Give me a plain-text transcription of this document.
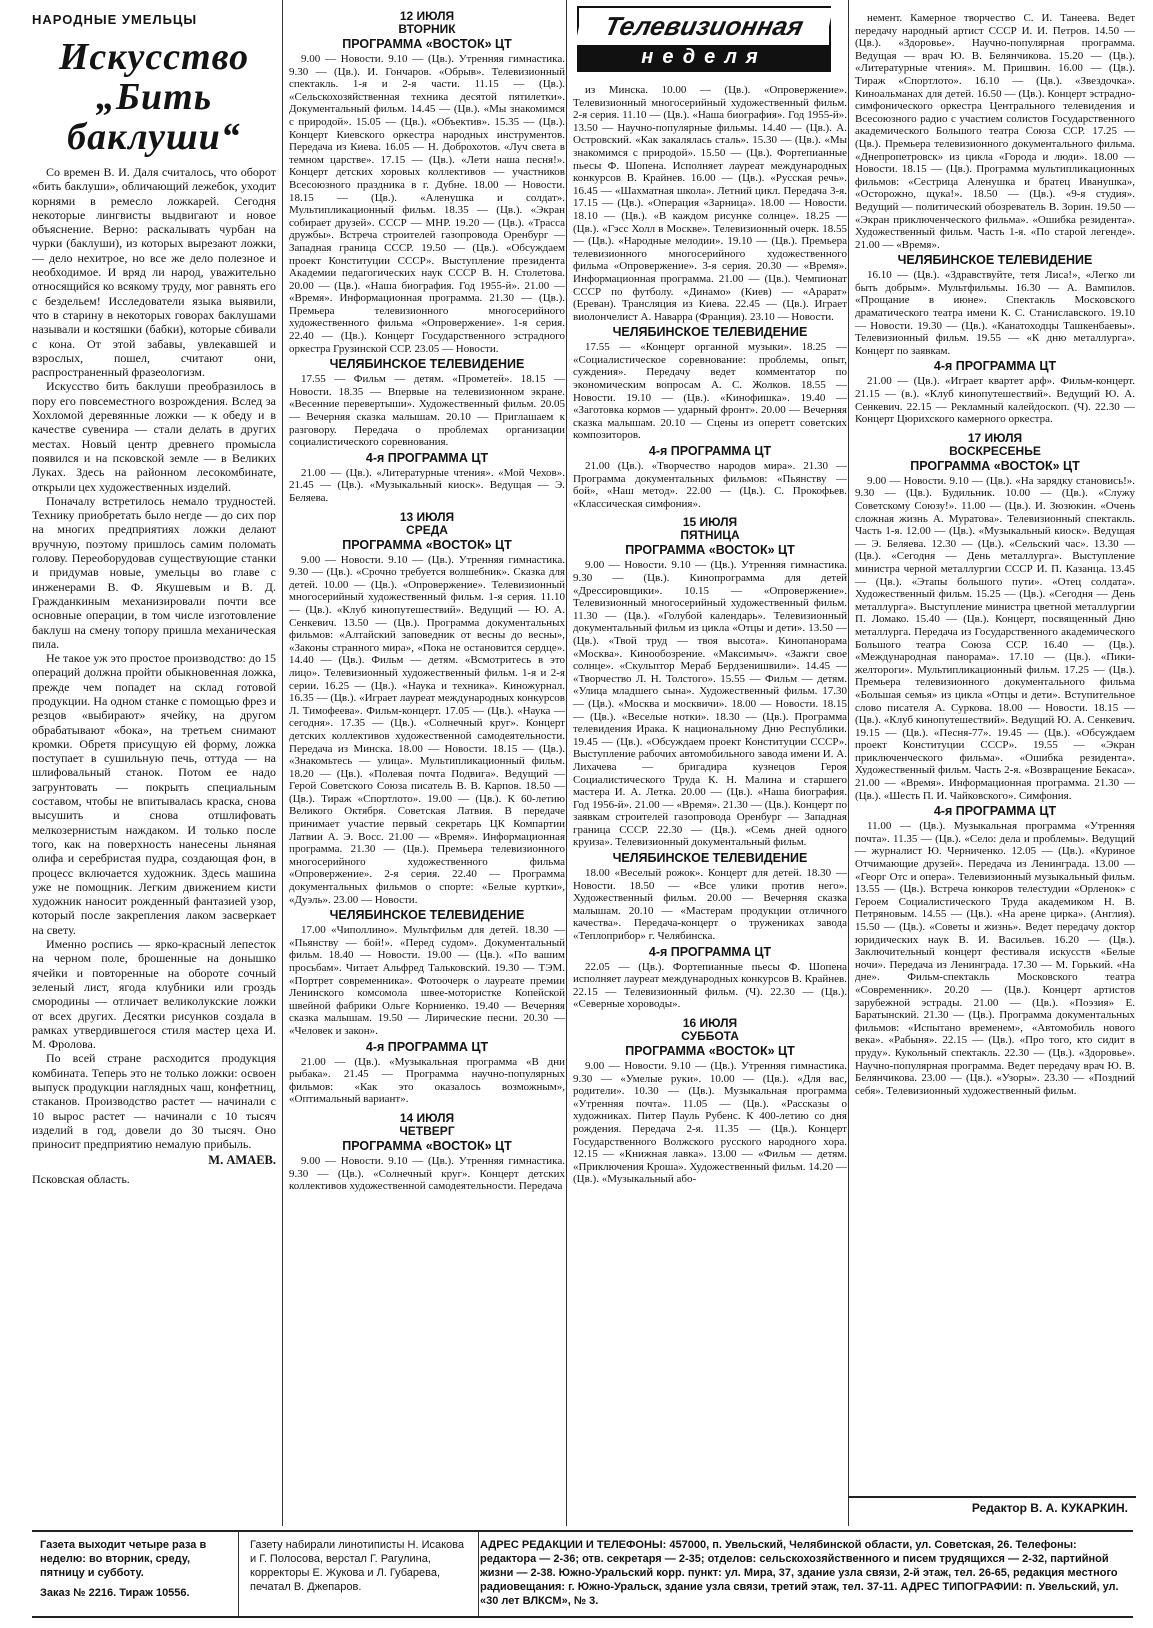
НАРОДНЫЕ УМЕЛЬЦЫ
Искусство
„Бить
баклуши“

Со времен В. И. Даля считалось, что оборот «бить баклуши», обличающий лежебок, уходит корнями в ремесло ложкарей. Сегодня некоторые лингвисты выдвигают и новое объяснение. Верно: раскалывать чурбан на чурки (баклуши), из которых вырезают ложки,— дело нехитрое, но все же дело полезное и необходимое. И вряд ли народ, уважительно относящийся ко всякому труду, мог равнять его с бездельем! Исследователи языка выявили, что в старину в некоторых говорах баклушами называли и костяшки (бабки), которые сбивали с кона. От этой забавы, увлекавшей и взрослых, пошел, считают они, распространенный фразеологизм.

Искусство бить баклуши преобразилось в пору его повсеместного возрождения. Вслед за Хохломой деревянные ложки — к обеду и в качестве сувенира — стали делать в других местах. Новый центр древнего промысла появился и на псковской земле — в Великих Луках. Здесь на районном лесокомбинате, открыли цех художественных изделий.

Поначалу встретилось немало трудностей. Технику приобретать было негде — до сих пор на многих предприятиях ложки делают вручную, поэтому пришлось самим поломать голову. Переоборудовав существующие станки и придумав новые, умельцы во главе с инженерами В. Ф. Якушевым и В. Д. Гражданкиным механизировали почти все основные операции, в том числе изготовление баклуш на смену топору пришла механическая пила.

Не такое уж это простое производство: до 15 операций должна пройти обыкновенная ложка, прежде чем попадет на склад готовой продукции. На одном станке с помощью фрез и резцов «выбирают» ячейку, на другом обрабатывают «бока», на третьем снимают кромки. Обретя присущую ей форму, ложка поступает в сушильную печь, оттуда — на шлифовальный станок. Потом ее надо загрунтовать — покрыть специальным составом, чтобы не впитывалась краска, снова высушить и снова отшлифовать мелкозернистым наждаком. И только после того, как на поверхность нанесены льняная олифа и серебристая пудра, создающая фон, в процесс включается художник. Здесь машина уже не помощник. Легким движением кисти художник наносит рожденный фантазией узор, который после закрепления лаком засверкает на свету.

Именно роспись — ярко-красный лепесток на черном поле, брошенные на донышко ячейки и повторенные на обороте сочный зеленый лист, ягода клубники или гроздь смородины — отличает великолукские ложки от всех других. Десятки рисунков создала в рамках утвердившегося стиля мастер цеха И. М. Фролова.

По всей стране расходится продукция комбината. Теперь это не только ложки: освоен выпуск продукции наглядных чаш, конфетниц, стаканов. Производство растет — начинали с 10 вырос растет — начинали с 10 тысяч изделий в год, довели до 30 тысяч. Оно приносит предприятию немалую прибыль.

М. АМАЕВ.
Псковская область.
12 ИЮЛЯ
ВТОРНИК
ПРОГРАММА «ВОСТОК» ЦТ

9.00 — Новости. 9.10 — (Цв.). Утренняя гимнастика. 9.30 — (Цв.). И. Гончаров. «Обрыв». Телевизионный спектакль. 1-я и 2-я части. 11.15 — (Цв.). «Сельскохозяйственная техника десятой пятилетки». Документальный фильм. 14.45 — (Цв.). «Мы знакомимся с природой». 15.05 — (Цв.). «Объектив». 15.35 — (Цв.). Концерт Киевского оркестра народных инструментов. Передача из Киева. 16.05 — Н. Доброхотов. «Луч света в темном царстве». 17.15 — (Цв.). «Лети наша песня!». Концерт детских хоровых коллективов — участников Всесоюзного праздника в г. Дубне. 18.00 — Новости. 18.15 — (Цв.). «Аленушка и солдат». Мультипликационный фильм. 18.35 — (Цв.). «Экран собирает друзей». СССР — МНР. 19.20 — (Цв.). «Трасса дружбы». Встреча строителей газопровода Оренбург — Западная граница СССР. 19.50 — (Цв.). «Обсуждаем проект Конституции СССР». Выступление президента Академии педагогических наук СССР В. Н. Столетова. 20.00 — (Цв.). «Наша биография. Год 1955-й». 21.00 — «Время». Информационная программа. 21.30 — (Цв.). Премьера телевизионного многосерийного художественного фильма «Опровержение». 1-я серия. 22.40 — (Цв.). Концерт Государственного эстрадного оркестра Грузинской ССР. 23.05 — Новости.

ЧЕЛЯБИНСКОЕ ТЕЛЕВИДЕНИЕ

17.55 — Фильм — детям. «Прометей». 18.15 — Новости. 18.35 — Впервые на телевизионном экране. «Весенние перевертыши». Художественный фильм. 20.05 — Вечерняя сказка малышам. 20.10 — Приглашаем к разговору. Передача о проблемах организации социалистического соревнования.

4-я ПРОГРАММА ЦТ

21.00 — (Цв.). «Литературные чтения». «Мой Чехов». 21.45 — (Цв.). «Музыкальный киоск». Ведущая — Э. Беляева.

13 ИЮЛЯ
СРЕДА
ПРОГРАММА «ВОСТОК» ЦТ

9.00 — Новости. 9.10 — (Цв.). Утренняя гимнастика. 9.30 — (Цв.). «Срочно требуется волшебник». Сказка для детей. 10.00 — (Цв.). «Опровержение». Телевизионный многосерийный художественный фильм. 1-я серия. 11.10 — (Цв.). «Клуб кинопутешествий». Ведущий — Ю. А. Сенкевич. 13.50 — (Цв.). Программа документальных фильмов: «Алтайский заповедник от весны до весны», «Законы странного мира», «Пока не остановится сердце». 14.40 — (Цв.). Фильм — детям. «Всмотритесь в это лицо». Телевизионный художественный фильм. 1-я и 2-я серии. 16.25 — (Цв.). «Наука и техника». Киножурнал. 16.35 — (Цв.). «Играет лауреат международных конкурсов Л. Тимофеева». Фильм-концерт. 17.05 — (Цв.). «Наука — сегодня». 17.35 — (Цв.). «Солнечный круг». Концерт детских коллективов художественной самодеятельности. Передача из Минска. 18.00 — Новости. 18.15 — (Цв.). «Знакомьтесь — улица». Мультипликационный фильм. 18.20 — (Цв.). «Полевая почта Подвига». Ведущий — Герой Советского Союза писатель В. В. Карпов. 18.50 — (Цв.). Тираж «Спортлото». 19.00 — (Цв.). К 60-летию Великого Октября. Советская Латвия. В передаче принимает участие первый секретарь ЦК Компартии Латвии А. Э. Восс. 21.00 — «Время». Информационная программа. 21.30 — (Цв.). Премьера телевизионного многосерийного художественного фильма «Опровержение». 2-я серия. 22.40 — Программа документальных фильмов о спорте: «Белые куртки», «Дуэль». 23.00 — Новости.

ЧЕЛЯБИНСКОЕ ТЕЛЕВИДЕНИЕ

17.00 «Чиполлино». Мультфильм для детей. 18.30 — «Пьянству — бой!». «Перед судом». Документальный фильм. 18.40 — Новости. 19.00 — (Цв.). «По вашим просьбам». Читает Альфред Тальковский. 19.30 — ТЭМ. «Портрет современника». Фотоочерк о лауреате премии Ленинского комсомола швее-мотористке Копейской швейной фабрики Ольге Корниенко. 19.40 — Вечерняя сказка малышам. 19.50 — Лирические песни. 20.30 — «Человек и закон».

4-я ПРОГРАММА ЦТ

21.00 — (Цв.). «Музыкальная программа «В дни рыбака». 21.45 — Программа научно-популярных фильмов: «Как это оказалось возможным», «Оптимальный вариант».

14 ИЮЛЯ
ЧЕТВЕРГ
ПРОГРАММА «ВОСТОК» ЦТ

9.00 — Новости. 9.10 — (Цв.). Утренняя гимнастика. 9.30 — (Цв.). «Солнечный круг». Концерт детских коллективов художественной самодеятельности. Передача

Телевизионная
неделя

из Минска. 10.00 — (Цв.). «Опровержение». Телевизионный многосерийный художественный фильм. 2-я серия. 11.10 — (Цв.). «Наша биография». Год 1955-й». 13.50 — Научно-популярные фильмы. 14.40 — (Цв.). А. Островский. «Как закалялась сталь». 15.30 — (Цв.). «Мы знакомимся с природой». 15.50 — (Цв.). Фортепианные пьесы Ф. Шопена. Исполняет лауреат международных конкурсов В. Крайнев. 16.00 — (Цв.). «Русская речь». 16.45 — «Шахматная школа». Летний цикл. Передача 3-я. 17.15 — (Цв.). «Операция «Зарница». 18.00 — Новости. 18.10 — (Цв.). «В каждом рисунке солнце». 18.25 — (Цв.). «Гэсс Холл в Москве». Телевизионный очерк. 18.55 — (Цв.). «Народные мелодии». 19.10 — (Цв.). Премьера телевизионного многосерийного художественного фильма «Опровержение». 3-я серия. 20.30 — «Время». Информационная программа. 21.00 — (Цв.). Чемпионат СССР по футболу. «Динамо» (Киев) — «Арарат» (Ереван). Трансляция из Киева. 22.45 — (Цв.). Играет виолончелист А. Наварра (Франция). 23.10 — Новости.

ЧЕЛЯБИНСКОЕ ТЕЛЕВИДЕНИЕ

17.55 — «Концерт органной музыки». 18.25 — «Социалистическое соревнование: проблемы, опыт, суждения». Передачу ведет комментатор по экономическим вопросам А. С. Жолков. 18.55 — Новости. 19.10 — (Цв.). «Кинофишка». 19.40 — «Заготовка кормов — ударный фронт». 20.00 — Вечерняя сказка малышам. 20.10 — Сцены из оперетт советских композиторов.

4-я ПРОГРАММА ЦТ

21.00 (Цв.). «Творчество народов мира». 21.30 — Программа документальных фильмов: «Пьянству — бой», «Наш метод». 22.00 — (Цв.). С. Прокофьев. «Классическая симфония».

15 ИЮЛЯ
ПЯТНИЦА
ПРОГРАММА «ВОСТОК» ЦТ

9.00 — Новости. 9.10 — (Цв.). Утренняя гимнастика. 9.30 — (Цв.). Кинопрограмма для детей «Дрессировщики». 10.15 — «Опровержение». Телевизионный многосерийный художественный фильм. 11.30 — (Цв.). «Голубой календарь». Телевизионный документальный фильм из цикла «Отцы и дети». 13.50 — (Цв.). «Твой труд — твоя высота». Кинопанорама «Москва». Кинообозрение. «Максимыч». «Зажги свое солнце». «Скульптор Мераб Бердзенишвили». 14.45 — «Творчество Л. Н. Толстого». 15.55 — Фильм — детям. «Улица младшего сына». Художественный фильм. 17.30 — (Цв.). «Москва и москвичи». 18.00 — Новости. 18.15 — (Цв.). «Веселые нотки». 18.30 — (Цв.). Программа телевидения Ирака. К национальному Дню Республики. 19.45 — (Цв.). «Обсуждаем проект Конституции СССР». Выступление рабочих автомобильного завода имени И. А. Лихачева — бригадира кузнецов Героя Социалистического Труда К. Н. Малина и старшего мастера И. А. Летка. 20.00 — (Цв.). «Наша биография. Год 1956-й». 21.00 — «Время». 21.30 — (Цв.). Концерт по заявкам строителей газопровода Оренбург — Западная граница СССР. 22.30 — (Цв.). «Семь дней одного круиза». Телевизионный документальный фильм.

ЧЕЛЯБИНСКОЕ ТЕЛЕВИДЕНИЕ

18.00 «Веселый рожок». Концерт для детей. 18.30 — Новости. 18.50 — «Все улики против него». Художественный фильм. 20.00 — Вечерняя сказка малышам. 20.10 — «Мастерам продукции отличного качества». Передача-концерт о тружениках завода «Теплоприбор» г. Челябинска.

4-я ПРОГРАММА ЦТ

22.05 — (Цв.). Фортепианные пьесы Ф. Шопена исполняет лауреат международных конкурсов В. Крайнев. 22.15 — Телевизионный фильм. (Ч). 22.30 — (Цв.). «Северные хороводы».

16 ИЮЛЯ
СУББОТА
ПРОГРАММА «ВОСТОК» ЦТ

9.00 — Новости. 9.10 — (Цв.). Утренняя гимнастика. 9.30 — «Умелые руки». 10.00 — (Цв.). «Для вас, родители». 10.30 — (Цв.). Музыкальная программа «Утренняя почта». 11.05 — (Цв.). «Рассказы о художниках. Питер Пауль Рубенс. К 400-летию со дня рождения. Передача 2-я. 11.35 — (Цв.). Концерт Государственного Волжского русского народного хора. 12.15 — «Книжная лавка». 13.00 — «Фильм — детям. «Приключения Кроша». Художественный фильм. 14.20 — (Цв.). «Музыкальный або-

немент. Камерное творчество С. И. Танеева. Ведет передачу народный артист СССР И. И. Петров. 14.50 — (Цв.). «Здоровье». Научно-популярная программа. Ведущая — врач Ю. В. Белянчикова. 15.20 — (Цв.). «Литературные чтения». М. Пришвин. 16.00 — (Цв.). Тираж «Спортлото». 16.10 — (Цв.). «Звездочка». Киноальманах для детей. 16.50 — (Цв.). Концерт эстрадно-симфонического оркестра Центрального телевидения и Всесоюзного радио с участием солистов Государственного академического Большого театра Союза ССР. 17.25 — (Цв.). Премьера телевизионного документального фильма. «Днепропетровск» из цикла «Города и люди». 18.00 — Новости. 18.15 — (Цв.). Программа мультипликационных фильмов: «Сестрица Аленушка и братец Иванушка», «Осторожно, щука!». 18.50 — (Цв.). «9-я студия». Ведущий — политический обозреватель В. Зорин. 19.50 — «Экран приключенческого фильма». «Ошибка резидента». Художественный фильм. Часть 1-я. «По старой легенде». 21.00 — «Время».

ЧЕЛЯБИНСКОЕ ТЕЛЕВИДЕНИЕ

16.10 — (Цв.). «Здравствуйте, тетя Лиса!», «Легко ли быть добрым». Мультфильмы. 16.30 — А. Вампилов. «Прощание в июне». Спектакль Московского драматического театра имени К. С. Станиславского. 19.10 — Новости. 19.30 — (Цв.). «Канатоходцы Ташкенбаевы». Телевизионный фильм. 19.55 — «К дню металлурга». Концерт по заявкам.

4-я ПРОГРАММА ЦТ

21.00 — (Цв.). «Играет квартет арф». Фильм-концерт. 21.15 — (в.). «Клуб кинопутешествий». Ведущий Ю. А. Сенкевич. 22.15 — Рекламный калейдоскоп. (Ч). 22.30 — Концерт Цюрихского камерного оркестра.

17 ИЮЛЯ
ВОСКРЕСЕНЬЕ
ПРОГРАММА «ВОСТОК» ЦТ

9.00 — Новости. 9.10 — (Цв.). «На зарядку становись!». 9.30 — (Цв.). Будильник. 10.00 — (Цв.). «Служу Советскому Союзу!». 11.00 — (Цв.). И. Зюзюкин. «Очень сложная жизнь А. Муратова». Телевизионный спектакль. Часть 1-я. 12.00 — (Цв.). «Музыкальный киоск». Ведущая — Э. Беляева. 12.30 — (Цв.). «Сельский час». 13.30 — (Цв.). «Сегодня — День металлурга». Выступление министра черной металлургии СССР И. П. Казанца. 13.45 — (Цв.). «Этапы большого пути». «Отец солдата». Художественный фильм. 15.25 — (Цв.). «Сегодня — День металлурга». Выступление министра цветной металлургии П. Ломако. 15.40 — (Цв.). Концерт, посвященный Дню металлурга. Передача из Государственного академического Большого театра Союза ССР. 16.40 — (Цв.). «Международная панорама». 17.10 — (Цв.). «Пики-желтороги». Мультипликационный фильм. 17.25 — (Цв.). Премьера телевизионного документального фильма «Большая семья» из цикла «Отцы и дети». Вступительное слово писателя А. Суркова. 18.00 — Новости. 18.15 — (Цв.). «Клуб кинопутешествий». Ведущий Ю. А. Сенкевич. 19.15 — (Цв.). «Песня-77». 19.45 — (Цв.). «Обсуждаем проект Конституции СССР». 19.55 — «Экран приключенческого фильма». «Ошибка резидента». Художественный фильм. Часть 2-я. «Возвращение Бекаса». 21.00 — «Время». Информационная программа. 21.30 — (Цв.). «Шесть П. И. Чайковского». Симфония.

4-я ПРОГРАММА ЦТ

11.00 — (Цв.). Музыкальная программа «Утренняя почта». 11.35 — (Цв.). «Село: дела и проблемы». Ведущий — журналист Ю. Черниченко. 12.05 — (Цв.). «Куриное Отчимающие друзей». Передача из Ленинграда. 13.00 — «Георг Отс и опера». Телевизионный музыкальный фильм. 13.55 — (Цв.). Встреча юнкоров телестудии «Орленок» с Героем Социалистического Труда академиком Н. В. Петряновым. 14.55 — (Цв.). «На арене цирка». (Англия). 15.50 — (Цв.). «Советы и жизнь». Ведет передачу доктор юридических наук В. И. Васильев. 16.20 — (Цв.). Заключительный концерт фестиваля искусств «Белые ночи». Передача из Ленинграда. 17.30 — М. Горький. «На дне». Фильм-спектакль Московского театра «Современник». 20.20 — (Цв.). Концерт артистов зарубежной эстрады. 21.00 — (Цв.). «Поэзия» Е. Баратынский. 21.30 — (Цв.). Программа документальных фильмов: «Испытано временем», «Автомобиль нового века». «Рабыня». 22.15 — (Цв.). «Про того, кто сидит в пруду». Кукольный спектакль. 22.30 — (Цв.). «Здоровье». Научно-популярная программа. Ведет передачу врач Ю. В. Белянчикова. 23.00 — (Цв.). «Узоры». 23.30 — «Поздний себя». Телевизионный художественный фильм.

Редактор В. А. КУКАРКИН.
Газета выходит четыре раза в неделю: во вторник, среду, пятницу и субботу.
Заказ № 2216. Тираж 10556.
Газету набирали линотиписты Н. Исакова и Г. Полосова, верстал Г. Рагулина, корректоры Е. Жукова и Л. Губарева, печатал В. Джепаров.
АДРЕС РЕДАКЦИИ И ТЕЛЕФОНЫ: 457000, п. Увельский, Челябинской области, ул. Советская, 26. Телефоны: редактора — 2-36; отв. секретаря — 2-35; отделов: сельскохозяйственного и писем трудящихся — 2-32, партийной жизни — 2-38. Южно-Уральский корр. пункт: ул. Мира, 37, здание узла связи, 2-й этаж, тел. 26-65, редакция местного радиовещания: г. Южно-Уральск, здание узла связи, третий этаж, тел. 37-11. АДРЕС ТИПОГРАФИИ: п. Увельский, ул. «30 лет ВЛКСМ», № 3.
